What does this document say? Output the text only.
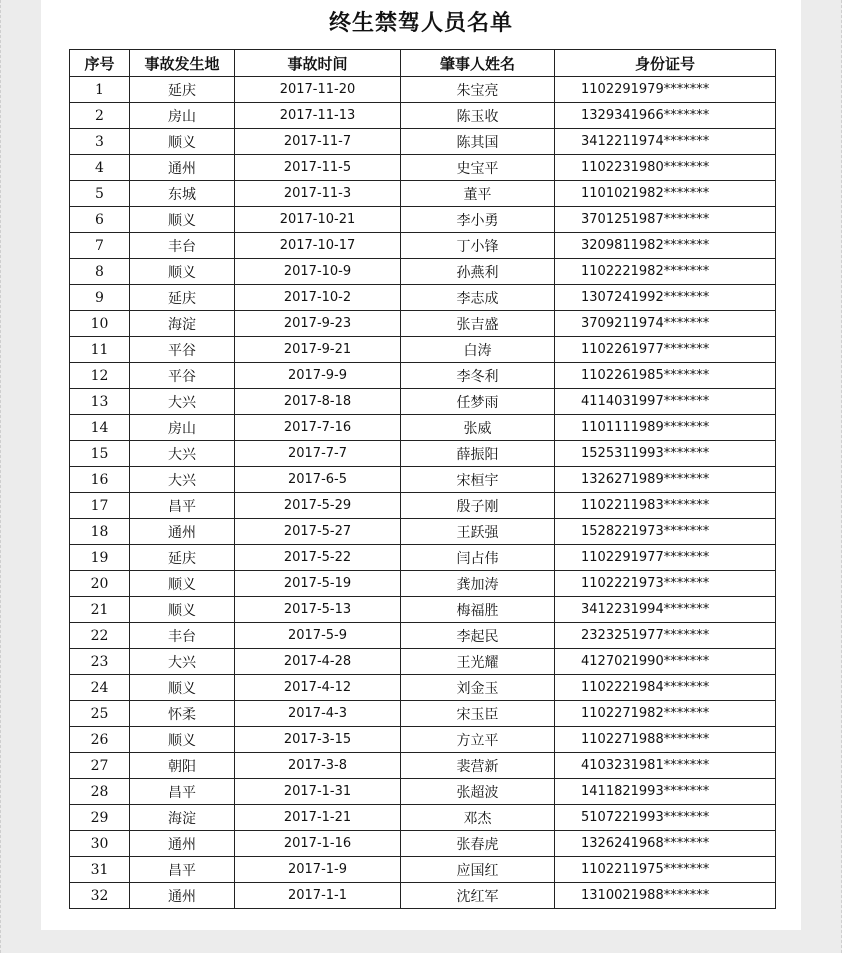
终生禁驾人员名单
序号	事故发生地	事故时间	肇事人姓名	身份证号
1	延庆	2017-11-20	朱宝亮	1102291979*******
2	房山	2017-11-13	陈玉收	1329341966*******
3	顺义	2017-11-7	陈其国	3412211974*******
4	通州	2017-11-5	史宝平	1102231980*******
5	东城	2017-11-3	董平	1101021982*******
6	顺义	2017-10-21	李小勇	3701251987*******
7	丰台	2017-10-17	丁小锋	3209811982*******
8	顺义	2017-10-9	孙燕利	1102221982*******
9	延庆	2017-10-2	李志成	1307241992*******
10	海淀	2017-9-23	张吉盛	3709211974*******
11	平谷	2017-9-21	白涛	1102261977*******
12	平谷	2017-9-9	李冬利	1102261985*******
13	大兴	2017-8-18	任梦雨	4114031997*******
14	房山	2017-7-16	张威	1101111989*******
15	大兴	2017-7-7	薛振阳	1525311993*******
16	大兴	2017-6-5	宋桓宇	1326271989*******
17	昌平	2017-5-29	殷子刚	1102211983*******
18	通州	2017-5-27	王跃强	1528221973*******
19	延庆	2017-5-22	闫占伟	1102291977*******
20	顺义	2017-5-19	龚加涛	1102221973*******
21	顺义	2017-5-13	梅福胜	3412231994*******
22	丰台	2017-5-9	李起民	2323251977*******
23	大兴	2017-4-28	王光耀	4127021990*******
24	顺义	2017-4-12	刘金玉	1102221984*******
25	怀柔	2017-4-3	宋玉臣	1102271982*******
26	顺义	2017-3-15	方立平	1102271988*******
27	朝阳	2017-3-8	裴营新	4103231981*******
28	昌平	2017-1-31	张超波	1411821993*******
29	海淀	2017-1-21	邓杰	5107221993*******
30	通州	2017-1-16	张春虎	1326241968*******
31	昌平	2017-1-9	应国红	1102211975*******
32	通州	2017-1-1	沈红军	1310021988*******
